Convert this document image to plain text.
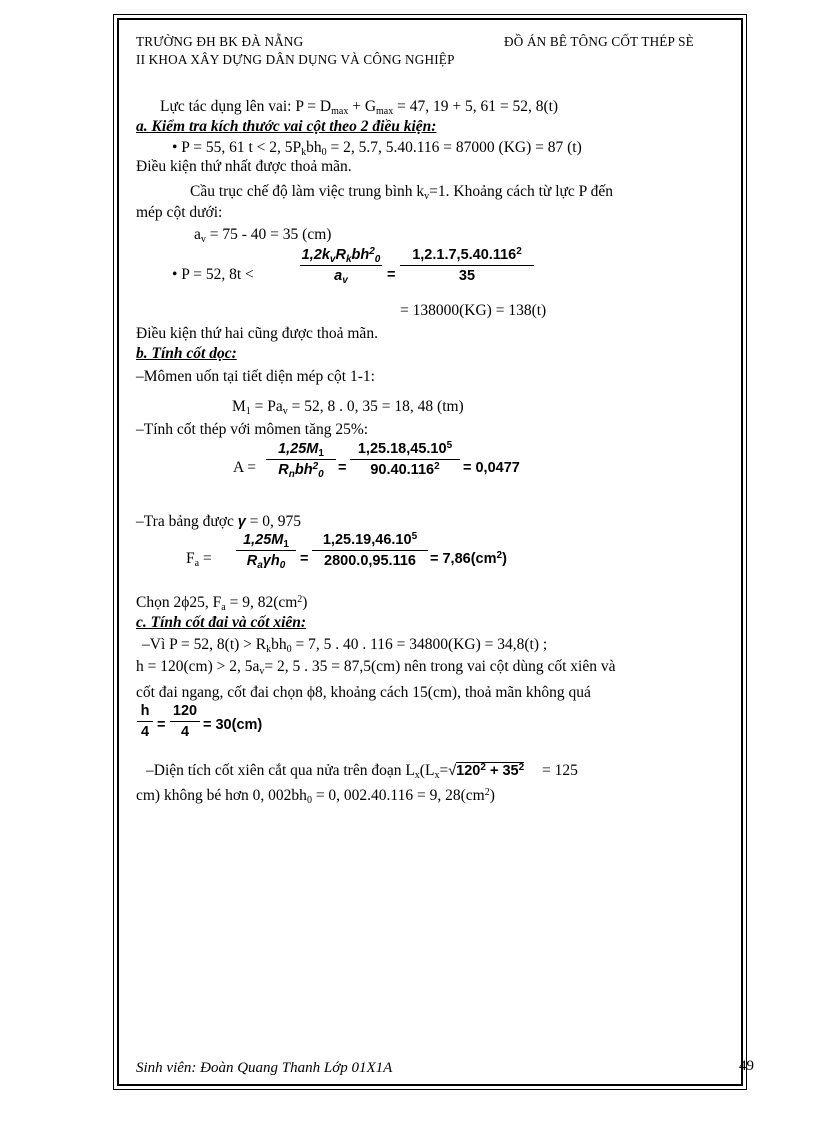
TRƯỜNG ĐH BK ĐÀ NẴNG	ĐỒ ÁN BÊ TÔNG CỐT THÉP SÈ
II KHOA XÂY DỰNG DÂN DỤNG VÀ CÔNG NGHIỆP
Lực tác dụng lên vai: $P = D_{max} + G_{max} = 47$, 19 + 5, 61 = 52, 8(t)
a. Kiểm tra kích thước vai cột theo 2 điều kiện:
• P = 55, 61 t < 2, $5P_kbh_0 = 2$, 5.7, 5.40.116 = 87000 (KG) = 87 (t)
Điều kiện thứ nhất được thoả mãn.
Cầu trục chế độ làm việc trung bình $k_v=1$. Khoảng cách từ lực P đến
mép cột dưới:
$a_v = 75 - 40 = 35$ (cm)
• P = 52, 8t <
$1,2k_vR_kbh^2_0$
$a_v$	=
$1,2.1.7,5.40.116^2$
35
= 138000(KG) = 138(t)
Điều kiện thứ hai cũng được thoả mãn.
b. Tính cốt dọc:
–Mômen uốn tại tiết diện mép cột 1-1:
$M_1 = Pa_v = 52$, 8 . 0, 35 = 18, 48 (tm)
–Tính cốt thép với mômen tăng 25%:
A =
$1,25M_1$
$R_nbh^2_0$ =
$1,25.18,45.10^5$
$90.40.116^2$	= 0,0477
–Tra bảng được γ = 0, 975
$F_a$ =
$1,25M_1$
$R_a\gamma h_0$	=
$1,25.19,46.10^5$
$2800.0,95.116 = 7,86(cm^2)$
Chọn 2ϕ25, $F_a = 9$, $82(cm^2)$
c. Tính cốt đai và cốt xiên:
–Vì P = 52, $8(t) > R_kbh_0 = 7$, 5 . 40 . 116 = 34800(KG) = 34,8(t) ;
h = 120(cm) > 2, $5a_v= 2$, 5 . 35 = 87,5(cm) nên trong vai cột dùng cốt xiên và
cốt đai ngang, cốt đai chọn ϕ8, khoảng cách 15(cm), thoả mãn không quá
h
4 =
120
4 = 30(cm)
–Diện tích cốt xiên cắt qua nửa trên đoạn $L_x(L_x=√120^2 + 35^2 = 125$
cm) không bé hơn 0, $002bh_0 = 0$, 002.40.116 = 9, $28(cm^2)$
Sinh viên: Đoàn Quang Thanh Lớp 01X1A	49
